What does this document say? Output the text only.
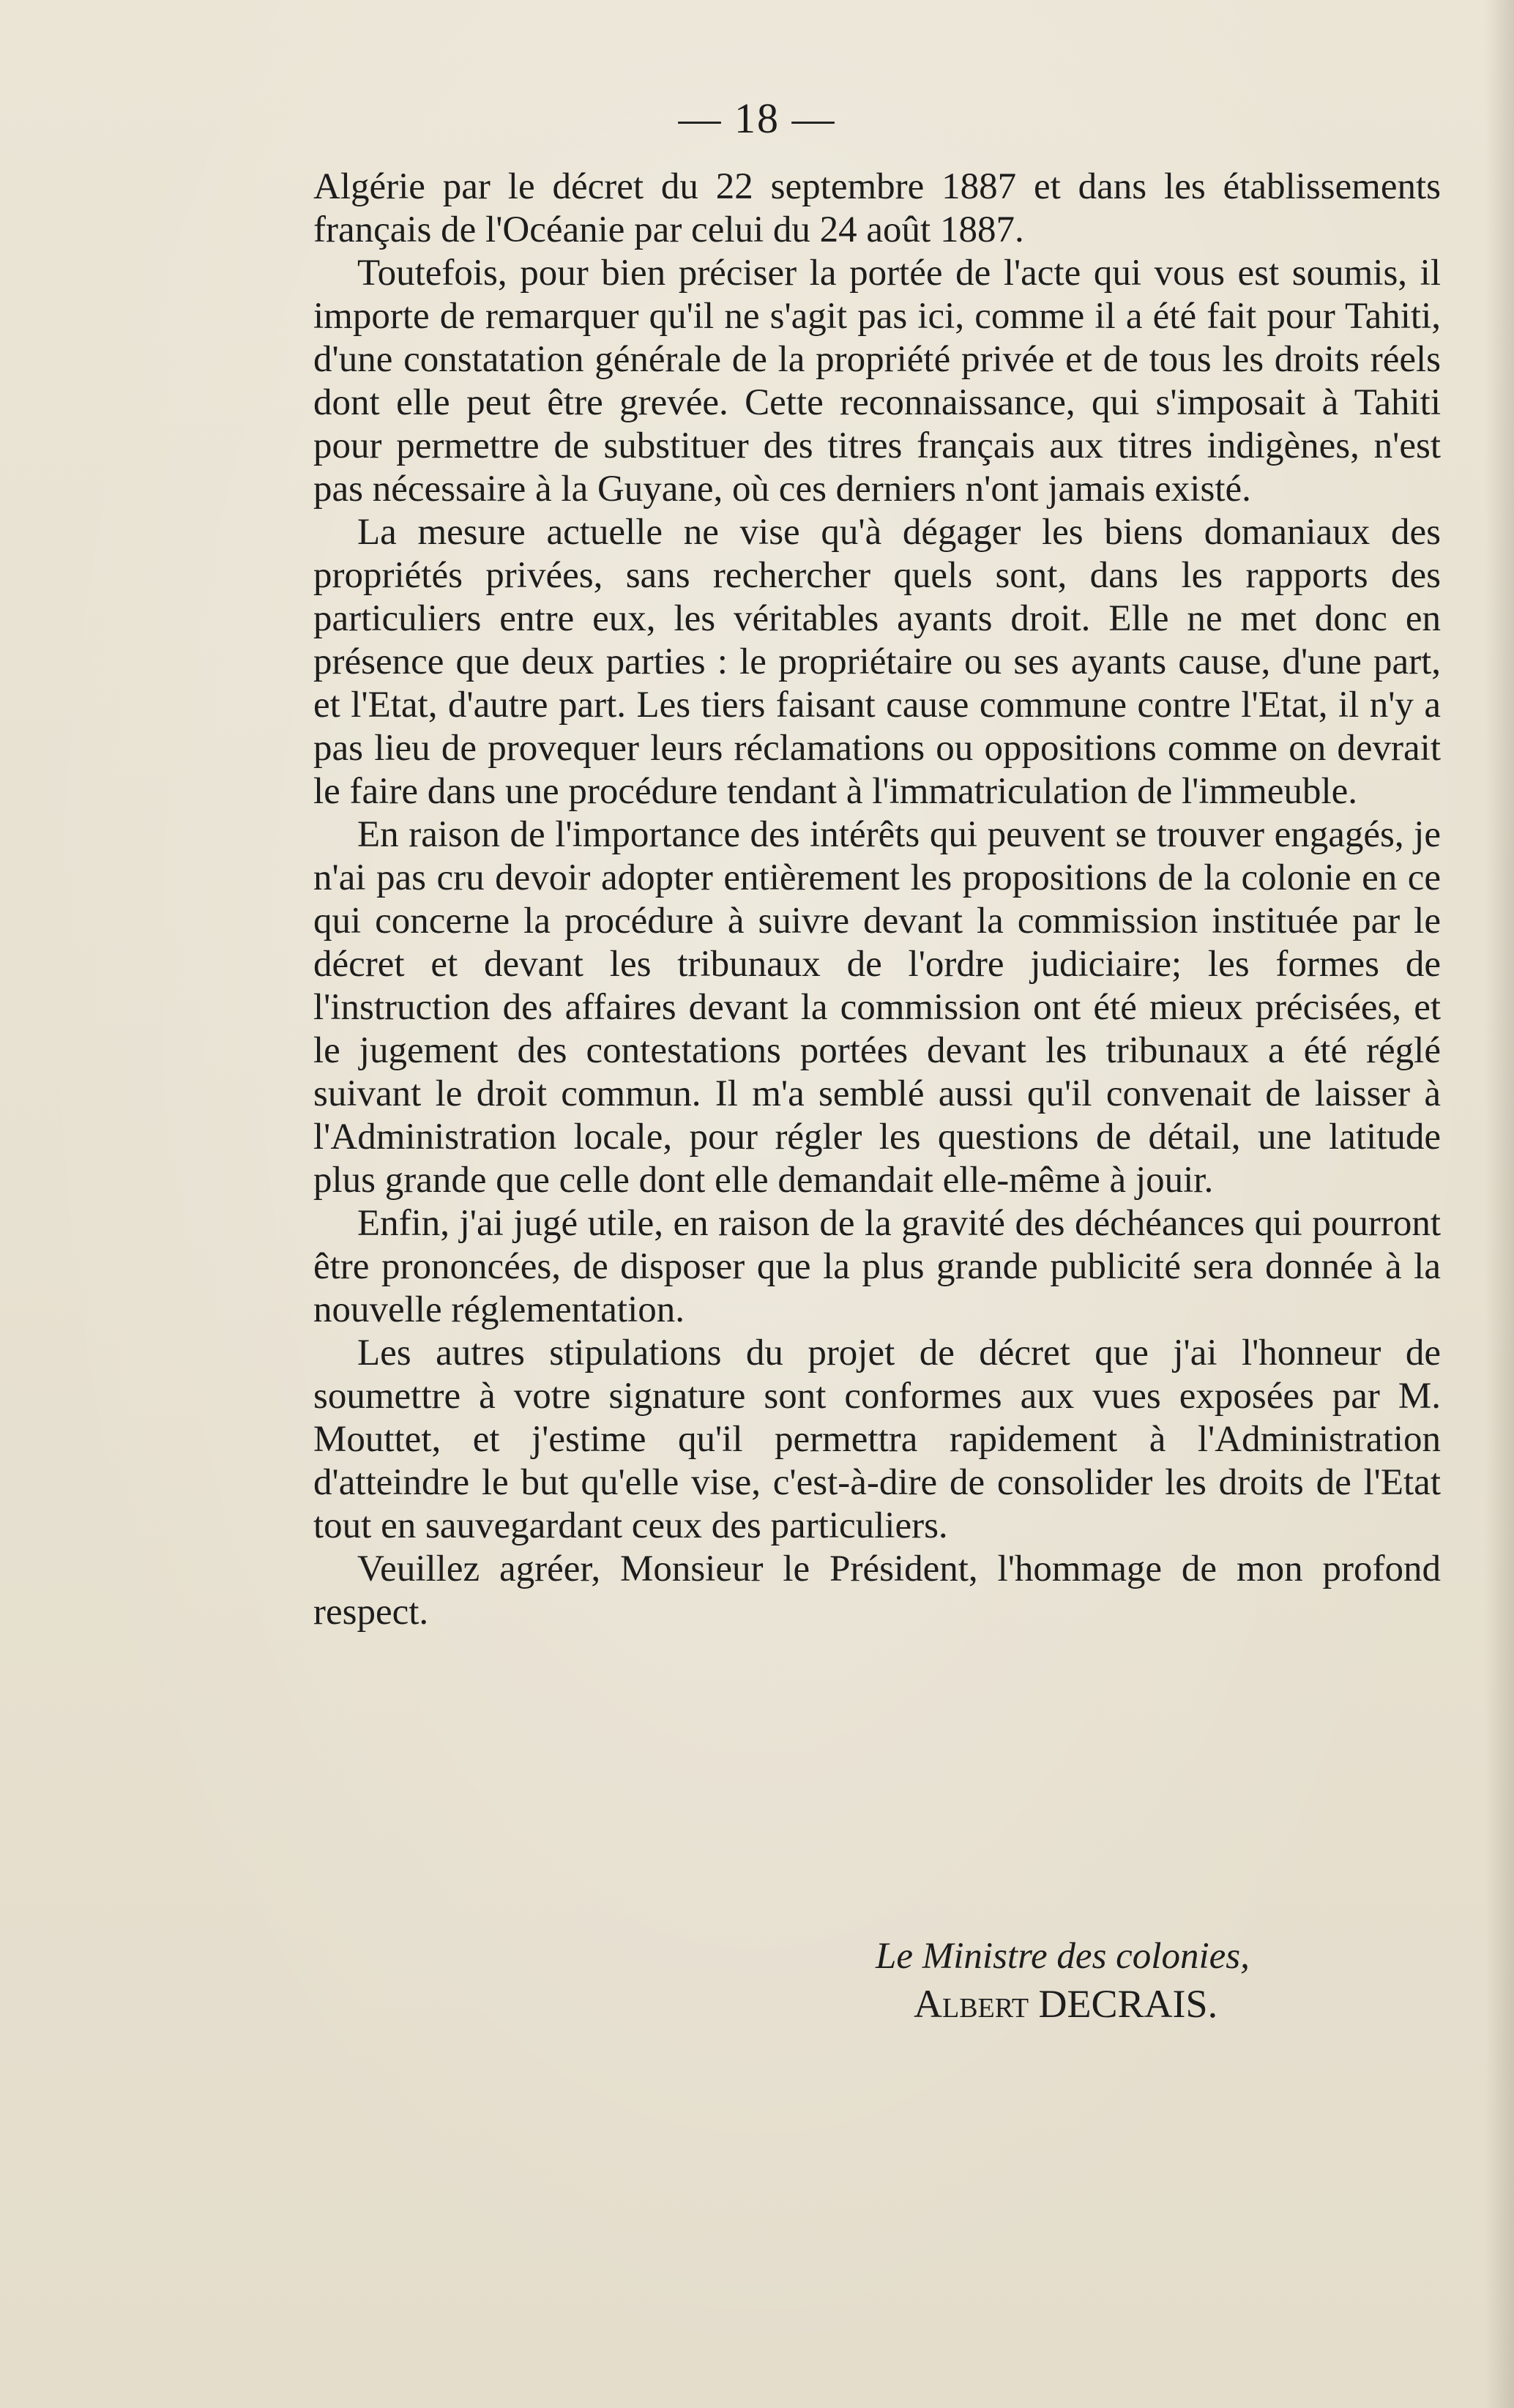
— 18 —

Algérie par le décret du 22 septembre 1887 et dans les établissements français de l'Océanie par celui du 24 août 1887.

Toutefois, pour bien préciser la portée de l'acte qui vous est soumis, il importe de remarquer qu'il ne s'agit pas ici, comme il a été fait pour Tahiti, d'une constatation générale de la propriété privée et de tous les droits réels dont elle peut être grevée. Cette reconnaissance, qui s'imposait à Tahiti pour permettre de substituer des titres français aux titres indigènes, n'est pas nécessaire à la Guyane, où ces derniers n'ont jamais existé.

La mesure actuelle ne vise qu'à dégager les biens domaniaux des propriétés privées, sans rechercher quels sont, dans les rapports des particuliers entre eux, les véritables ayants droit. Elle ne met donc en présence que deux parties : le propriétaire ou ses ayants cause, d'une part, et l'Etat, d'autre part. Les tiers faisant cause commune contre l'Etat, il n'y a pas lieu de provequer leurs réclamations ou oppositions comme on devrait le faire dans une procédure tendant à l'immatriculation de l'immeuble.

En raison de l'importance des intérêts qui peuvent se trouver engagés, je n'ai pas cru devoir adopter entièrement les propositions de la colonie en ce qui concerne la procédure à suivre devant la commission instituée par le décret et devant les tribunaux de l'ordre judiciaire; les formes de l'instruction des affaires devant la commission ont été mieux précisées, et le jugement des contestations portées devant les tribunaux a été réglé suivant le droit commun. Il m'a semblé aussi qu'il convenait de laisser à l'Administration locale, pour régler les questions de détail, une latitude plus grande que celle dont elle demandait elle-même à jouir.

Enfin, j'ai jugé utile, en raison de la gravité des déchéances qui pourront être prononcées, de disposer que la plus grande publicité sera donnée à la nouvelle réglementation.

Les autres stipulations du projet de décret que j'ai l'honneur de soumettre à votre signature sont conformes aux vues exposées par M. Mouttet, et j'estime qu'il permettra rapidement à l'Administration d'atteindre le but qu'elle vise, c'est-à-dire de consolider les droits de l'Etat tout en sauvegardant ceux des particuliers.

Veuillez agréer, Monsieur le Président, l'hommage de mon profond respect.

Le Ministre des colonies,
Albert DECRAIS.
